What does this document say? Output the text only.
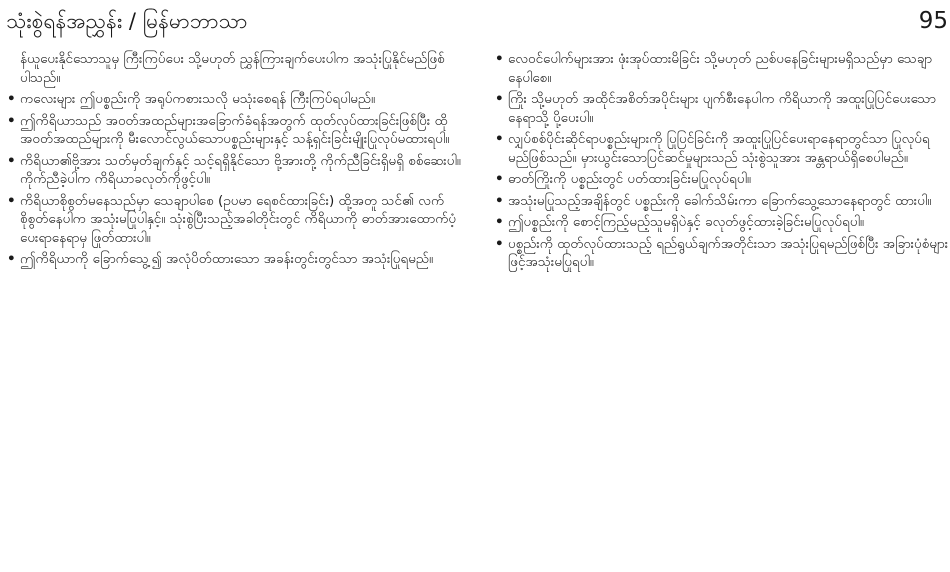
သုံးစွဲရန်အညွှန်း / မြန်မာဘာသာ	95
န်ယူပေးနိုင်သောသူမှ ကြီးကြပ်ပေး သို့မဟုတ် ညွှန်ကြားချက်ပေးပါက အသုံးပြုနိုင်မည်ဖြစ်ပါသည်။
• ကလေးများ ဤပစ္စည်းကို အရုပ်ကစားသလို မသုံးစေရန် ကြီးကြပ်ရပါမည်။
• ဤကိရိယာသည် အဝတ်အထည်များအခြောက်ခံရန်အတွက် ထုတ်လုပ်ထားခြင်းဖြစ်ပြီး ထိုအဝတ်အထည်များကို မီးလောင်လွယ်သောပစ္စည်းများနှင့် သန့်ရှင်းခြင်းမျိုးပြုလုပ်မထားရပါ။
• ကိရိယာ၏ဗို့အား သတ်မှတ်ချက်နှင့် သင့်ရရှိနိုင်သော ဗို့အားတို့ ကိုက်ညီခြင်းရှိမရှိ စစ်ဆေးပါ။ ကိုက်ညီခဲ့ပါက ကိရိယာခလုတ်ကိုဖွင့်ပါ။
• ကိရိယာစိုစွတ်မနေသည်မှာ သေချာပါစေ (ဥပမာ ရေစင်ထားခြင်း) ထို့အတူ သင်၏ လက်စိုစွတ်နေပါက အသုံးမပြုပါနှင့်။ သုံးစွဲပြီးသည့်အခါတိုင်းတွင် ကိရိယာကို ဓာတ်အားထောက်ပံ့ပေးရာနေရာမှ ဖြုတ်ထားပါ။
• ဤကိရိယာကို ခြောက်သွေ့၍ အလုံပိတ်ထားသော အခန်းတွင်းတွင်သာ အသုံးပြုရမည်။
• လေဝင်ပေါက်များအား ဖုံးအုပ်ထားမိခြင်း သို့မဟုတ် ညစ်ပနေခြင်းများမရှိသည်မှာ သေချာနေပါစေ။
• ကြိုး သို့မဟုတ် အထိုင်အစိတ်အပိုင်းများ ပျက်စီးနေပါက ကိရိယာကို အထူးပြုပြင်ပေးသော နေရာသို့ ပို့ပေးပါ။
• လျှပ်စစ်ပိုင်းဆိုင်ရာပစ္စည်းများကို ပြုပြင်ခြင်းကို အထူးပြုပြင်ပေးရာနေရာတွင်သာ ပြုလုပ်ရမည်ဖြစ်သည်။ မှားယွင်းသောပြင်ဆင်မှုများသည် သုံးစွဲသူအား အန္တရာယ်ရှိစေပါမည်။
• ဓာတ်ကြိုးကို ပစ္စည်းတွင် ပတ်ထားခြင်းမပြုလုပ်ရပါ။
• အသုံးမပြုသည့်အချိန်တွင် ပစ္စည်းကို ခေါက်သိမ်းကာ ခြောက်သွေ့သောနေရာတွင် ထားပါ။
• ဤပစ္စည်းကို စောင့်ကြည့်မည့်သူမရှိပဲနှင့် ခလုတ်ဖွင့်ထားခဲ့ခြင်းမပြုလုပ်ရပါ။
• ပစ္စည်းကို ထုတ်လုပ်ထားသည့် ရည်ရွယ်ချက်အတိုင်းသာ အသုံးပြုရမည်ဖြစ်ပြီး အခြားပုံစံများဖြင့်အသုံးမပြုရပါ။
